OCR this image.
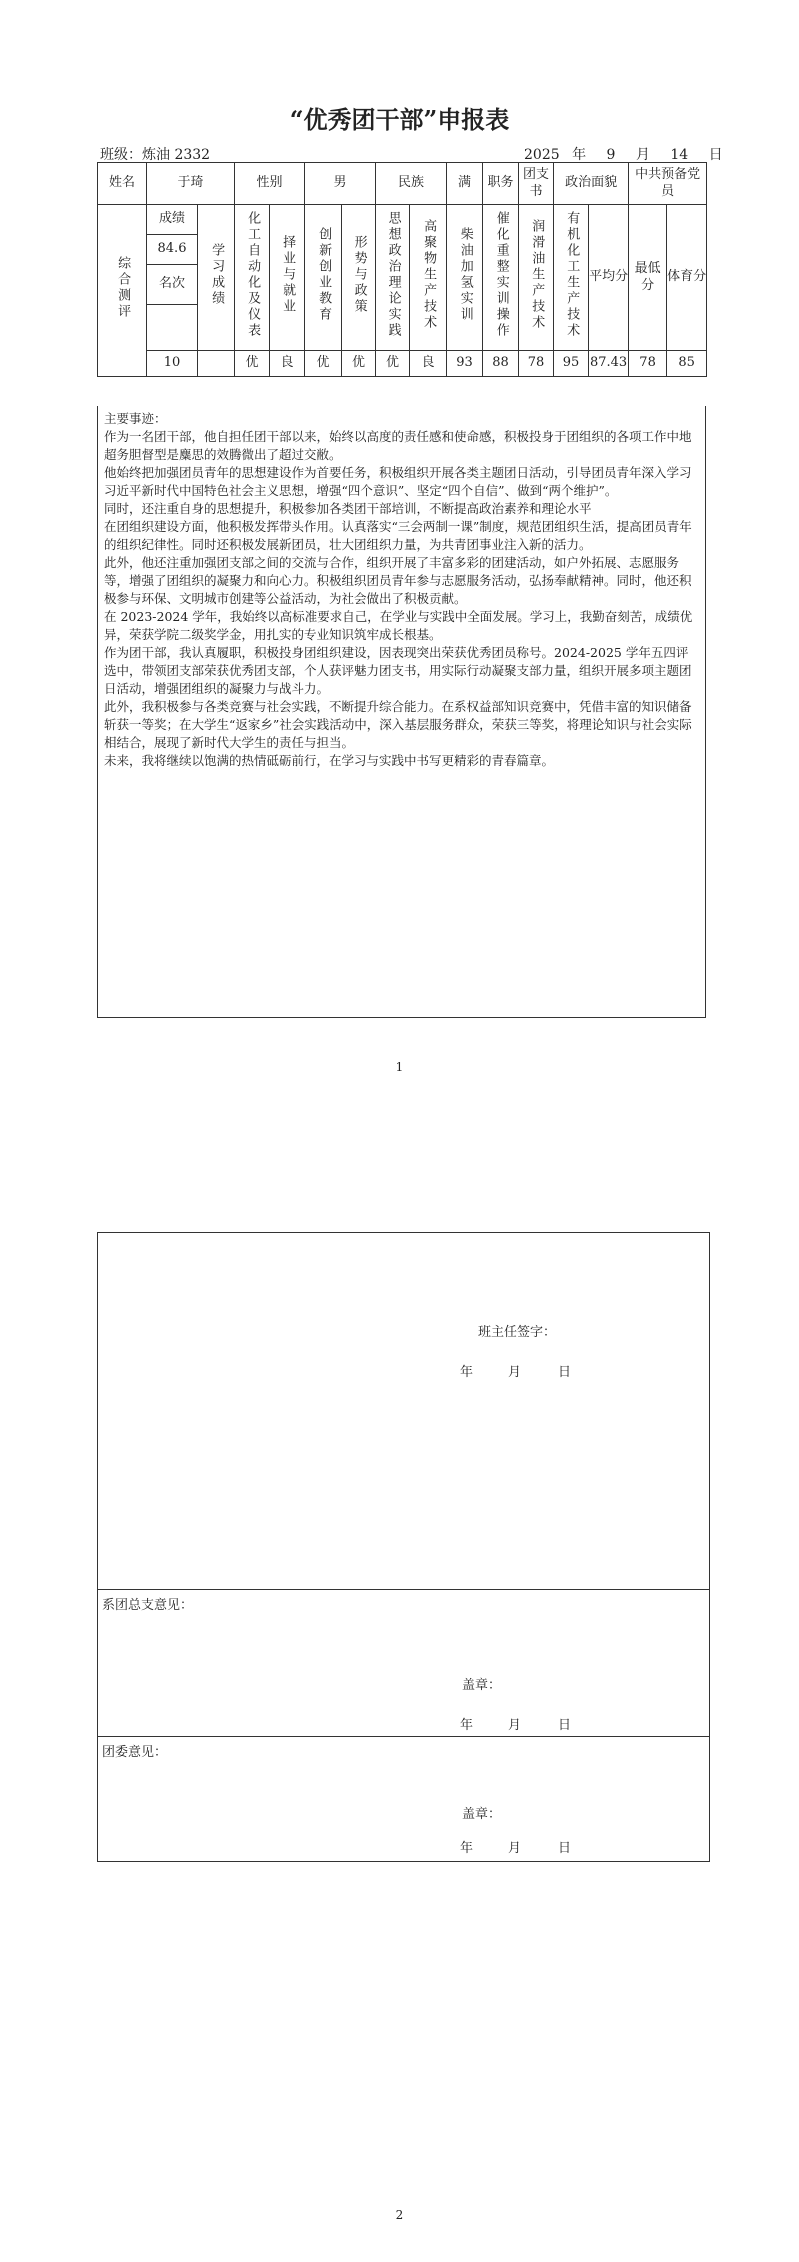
“优秀团干部”申报表
班级：炼油 2332	2025 年 9 月 14 日
姓名	于琦		性别		男		民族		满	职务	团支书	政治面貌		中共预备党员	
综合测评	成绩	学习成绩	化工自动化及仪表	择业与就业	创新创业教育	形势与政策	思想政治理论实践	高聚物生产技术	柴油加氢实训	催化重整实训操作	润滑油生产技术	有机化工生产技术	平均分	最低分	体育分
	84.6														
	名次														

	10		优	良	优	优	优	良	93	88	78	95	87.43	78	85

主要事迹：

作为一名团干部，他自担任团干部以来，始终以高度的责任感和使命感，积极投身于团组织的各项工作中地超务胆督型是麋思的效腾微出了超过交敝。

他始终把加强团员青年的思想建设作为首要任务，积极组织开展各类主题团日活动，引导团员青年深入学习习近平新时代中国特色社会主义思想，增强“四个意识”、坚定“四个自信”、做到“两个维护”。

同时，还注重自身的思想提升，积极参加各类团干部培训，不断提高政治素养和理论水平

在团组织建设方面，他积极发挥带头作用。认真落实“三会两制一课”制度，规范团组织生活，提高团员青年的组织纪律性。同时还积极发展新团员，壮大团组织力量，为共青团事业注入新的活力。

此外，他还注重加强团支部之间的交流与合作，组织开展了丰富多彩的团建活动，如户外拓展、志愿服务等，增强了团组织的凝聚力和向心力。积极组织团员青年参与志愿服务活动，弘扬奉献精神。同时，他还积极参与环保、文明城市创建等公益活动，为社会做出了积极贡献。

在 2023-2024 学年，我始终以高标准要求自己，在学业与实践中全面发展。学习上，我勤奋刻苦，成绩优异，荣获学院二级奖学金，用扎实的专业知识筑牢成长根基。

作为团干部，我认真履职，积极投身团组织建设，因表现突出荣获优秀团员称号。2024-2025 学年五四评选中，带领团支部荣获优秀团支部，个人获评魅力团支书，用实际行动凝聚支部力量，组织开展多项主题团日活动，增强团组织的凝聚力与战斗力。

此外，我积极参与各类竞赛与社会实践，不断提升综合能力。在系权益部知识竞赛中，凭借丰富的知识储备斩获一等奖；在大学生“返家乡”社会实践活动中，深入基层服务群众，荣获三等奖，将理论知识与社会实际相结合，展现了新时代大学生的责任与担当。

未来，我将继续以饱满的热情砥砺前行，在学习与实践中书写更精彩的青春篇章。

1
班主任签字：
年	月	日
系团总支意见：
盖章：
年	月	日
团委意见：
盖章：
年	月	日
2
